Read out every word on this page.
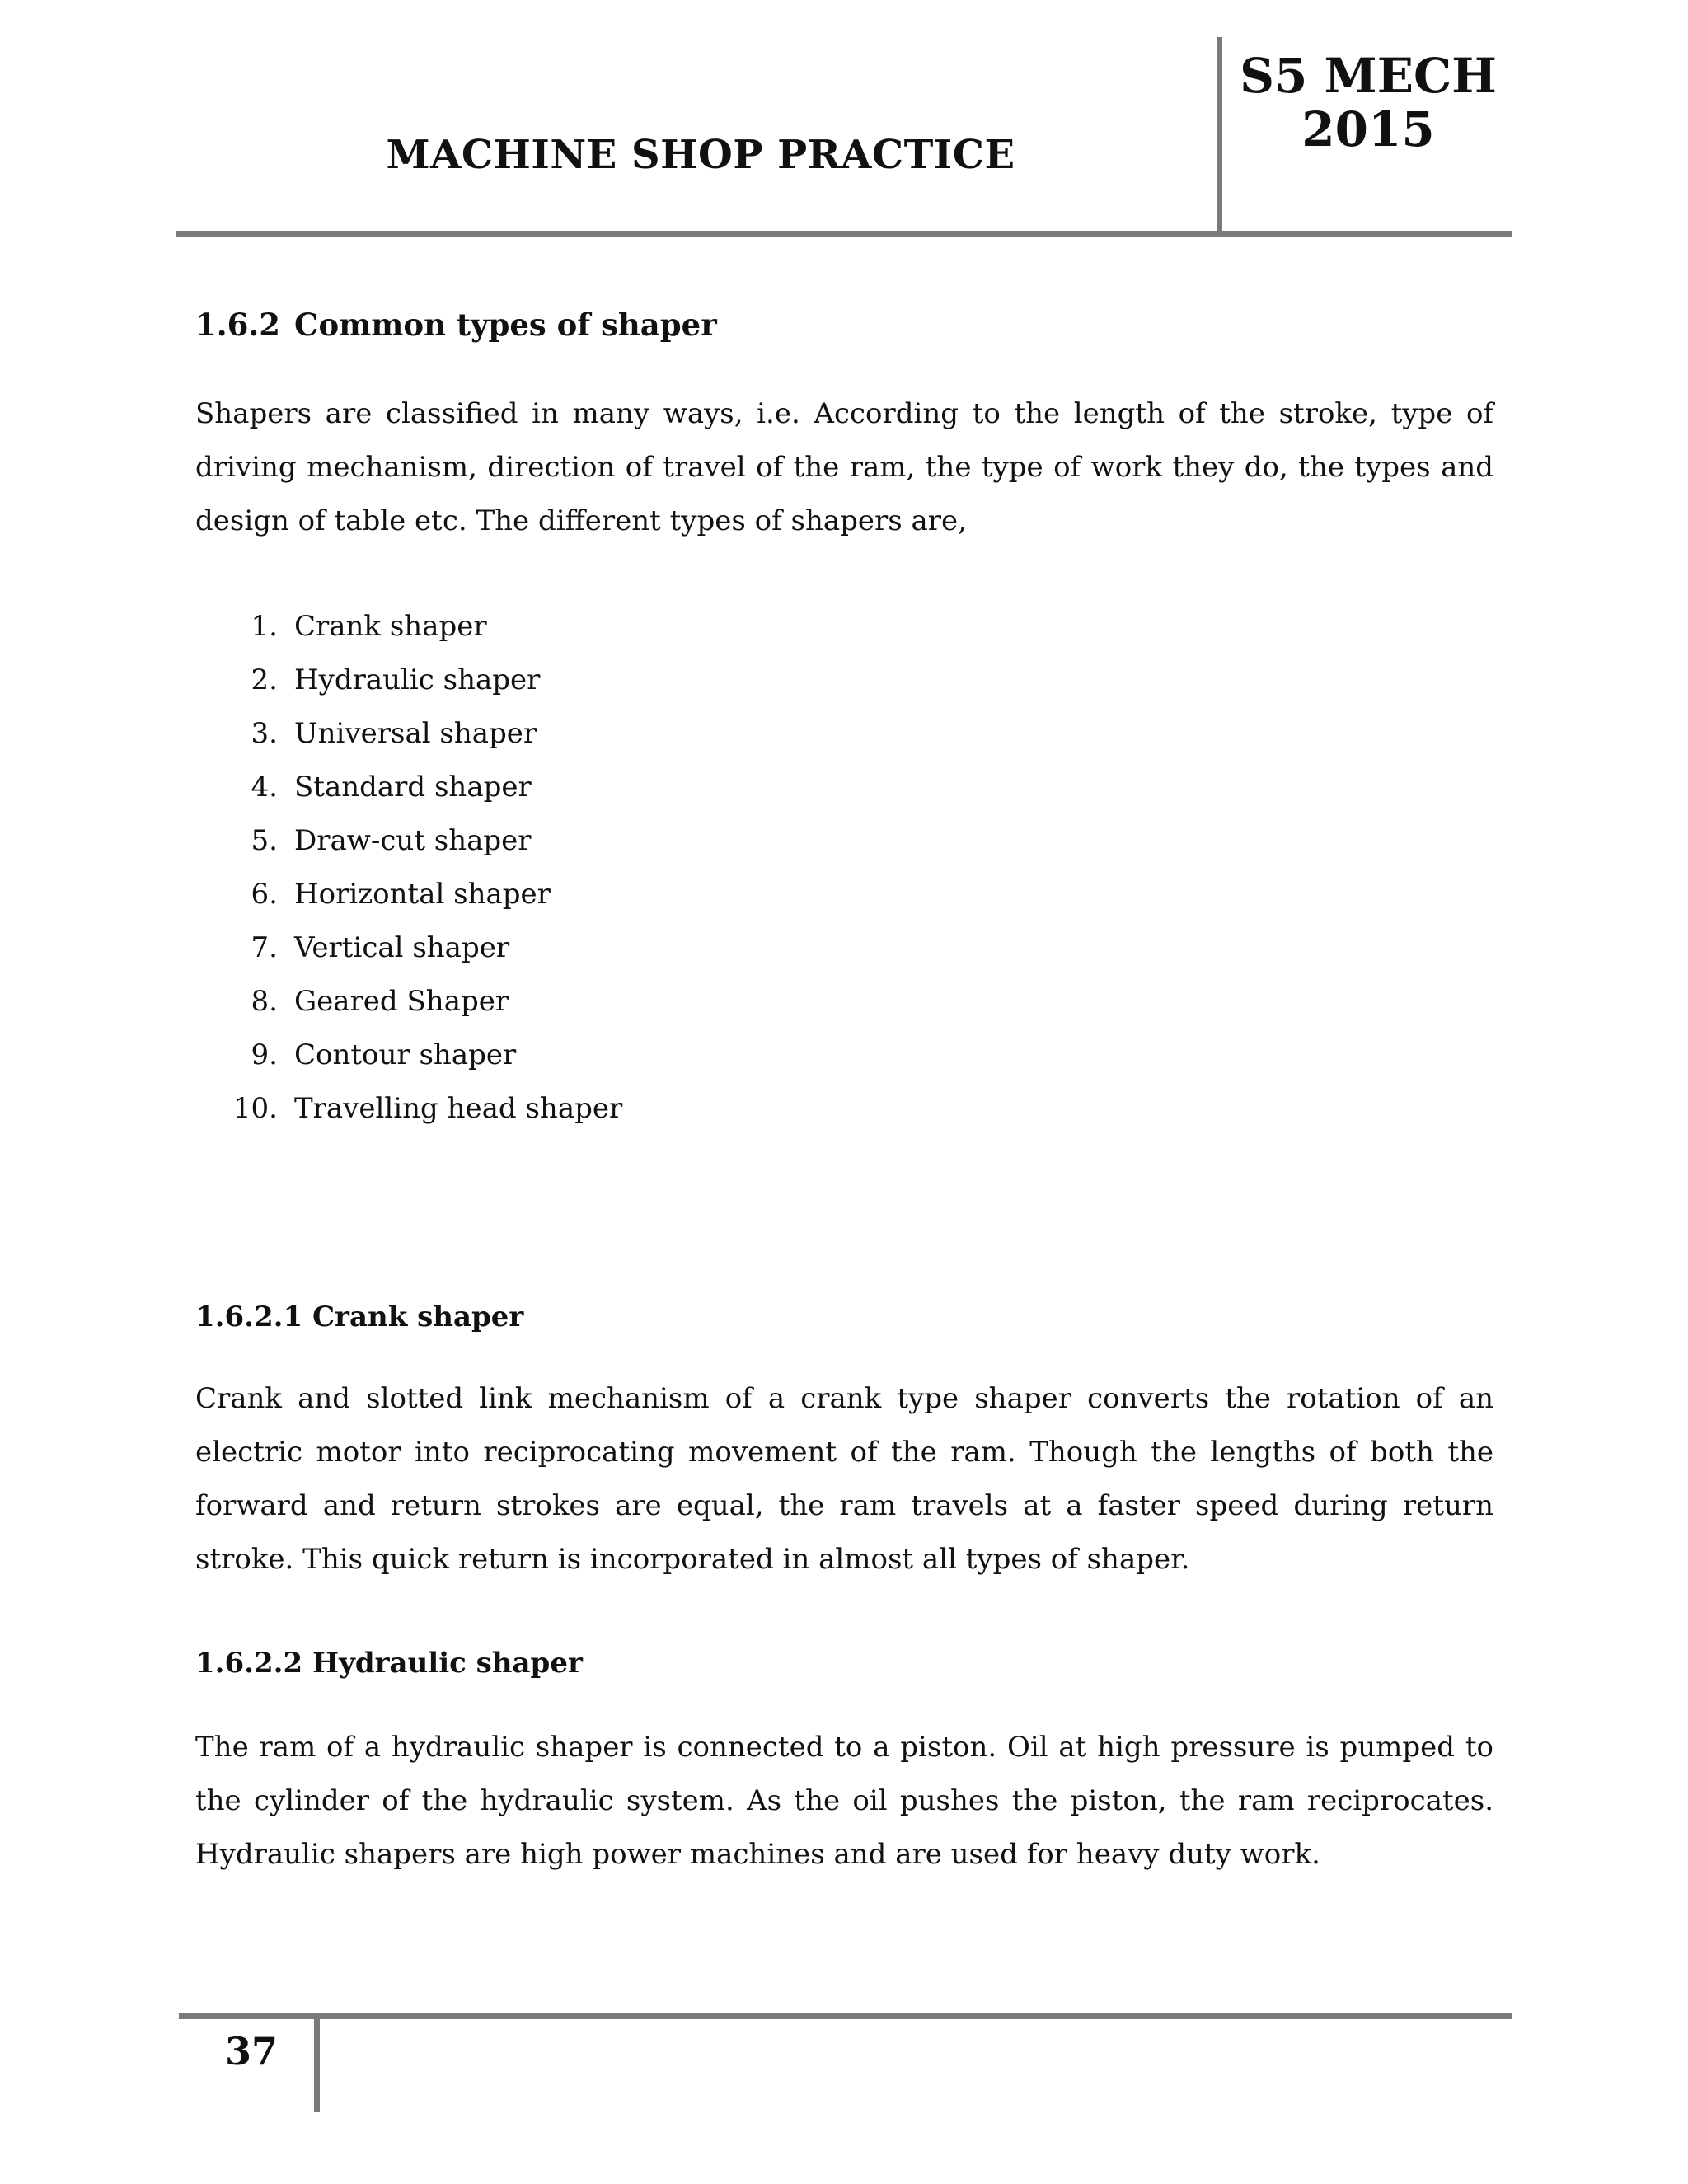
MACHINE SHOP PRACTICE
S5 MECH
2015
1.6.2 Common types of shaper
Shapers are classified in many ways, i.e. According to the length of the stroke, type of driving mechanism, direction of travel of the ram, the type of work they do, the types and design of table etc. The different types of shapers are,
1. Crank shaper
2. Hydraulic shaper
3. Universal shaper
4. Standard shaper
5. Draw-cut shaper
6. Horizontal shaper
7. Vertical shaper
8. Geared Shaper
9. Contour shaper
10. Travelling head shaper
1.6.2.1 Crank shaper
Crank and slotted link mechanism of a crank type shaper converts the rotation of an electric motor into reciprocating movement of the ram. Though the lengths of both the forward and return strokes are equal, the ram travels at a faster speed during return stroke. This quick return is incorporated in almost all types of shaper.
1.6.2.2 Hydraulic shaper
The ram of a hydraulic shaper is connected to a piston. Oil at high pressure is pumped to the cylinder of the hydraulic system. As the oil pushes the piston, the ram reciprocates. Hydraulic shapers are high power machines and are used for heavy duty work.
37
